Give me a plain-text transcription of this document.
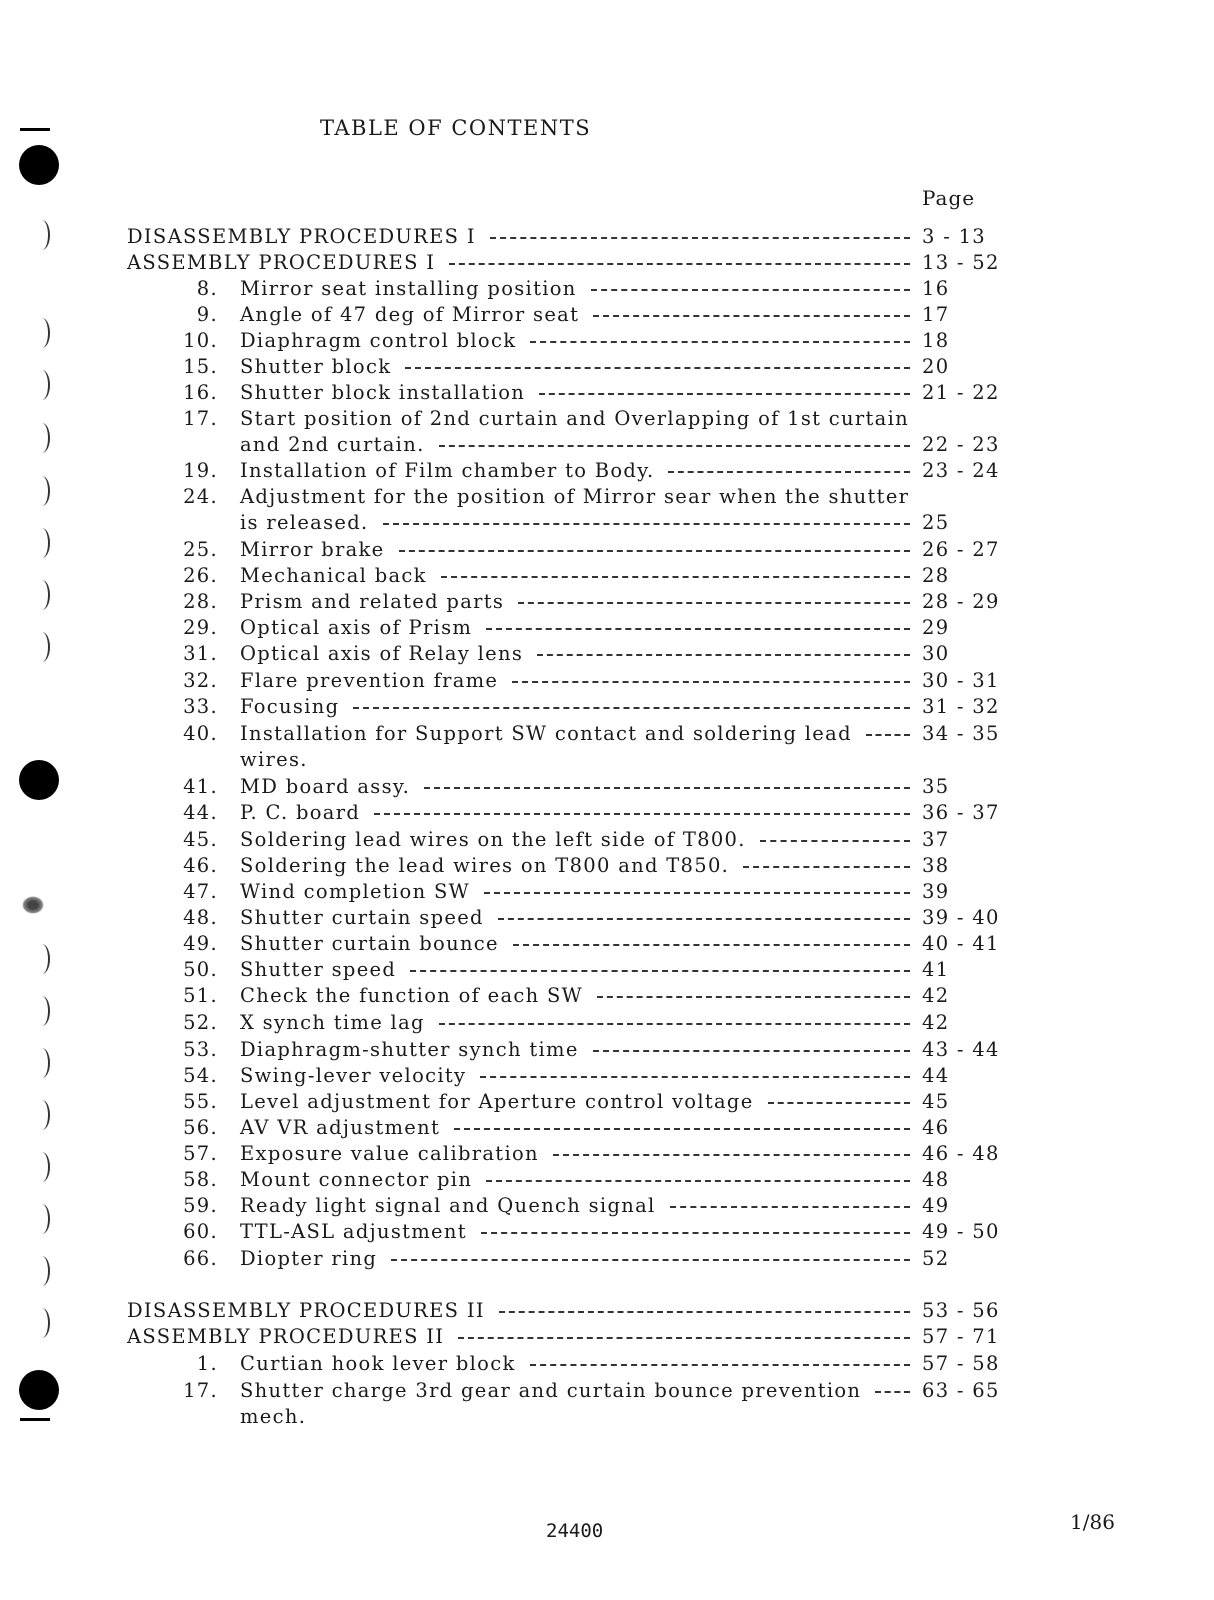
TABLE OF CONTENTS
Page
DISASSEMBLY PROCEDURES I	3 - 13
ASSEMBLY PROCEDURES I	13 - 52
8. Mirror seat installing position	16
9. Angle of 47 deg of Mirror seat	17
10. Diaphragm control block	18
15. Shutter block	20
16. Shutter block installation	21 - 22
17. Start position of 2nd curtain and Overlapping of 1st curtain
and 2nd curtain.	22 - 23
19. Installation of Film chamber to Body.	23 - 24
24. Adjustment for the position of Mirror sear when the shutter
is released.	25
25. Mirror brake	26 - 27
26. Mechanical back	28
28. Prism and related parts	28 - 29
29. Optical axis of Prism	29
31. Optical axis of Relay lens	30
32. Flare prevention frame	30 - 31
33. Focusing	31 - 32
40. Installation for Support SW contact and soldering lead	34 - 35
wires.
41. MD board assy.	35
44. P. C. board	36 - 37
45. Soldering lead wires on the left side of T800.	37
46. Soldering the lead wires on T800 and T850.	38
47. Wind completion SW	39
48. Shutter curtain speed	39 - 40
49. Shutter curtain bounce	40 - 41
50. Shutter speed	41
51. Check the function of each SW	42
52. X synch time lag	42
53. Diaphragm-shutter synch time	43 - 44
54. Swing-lever velocity	44
55. Level adjustment for Aperture control voltage	45
56. AV VR adjustment	46
57. Exposure value calibration	46 - 48
58. Mount connector pin	48
59. Ready light signal and Quench signal	49
60. TTL-ASL adjustment	49 - 50
66. Diopter ring	52
DISASSEMBLY PROCEDURES II	53 - 56
ASSEMBLY PROCEDURES II	57 - 71
1. Curtian hook lever block	57 - 58
17. Shutter charge 3rd gear and curtain bounce prevention	63 - 65
mech.
24400	1/86
